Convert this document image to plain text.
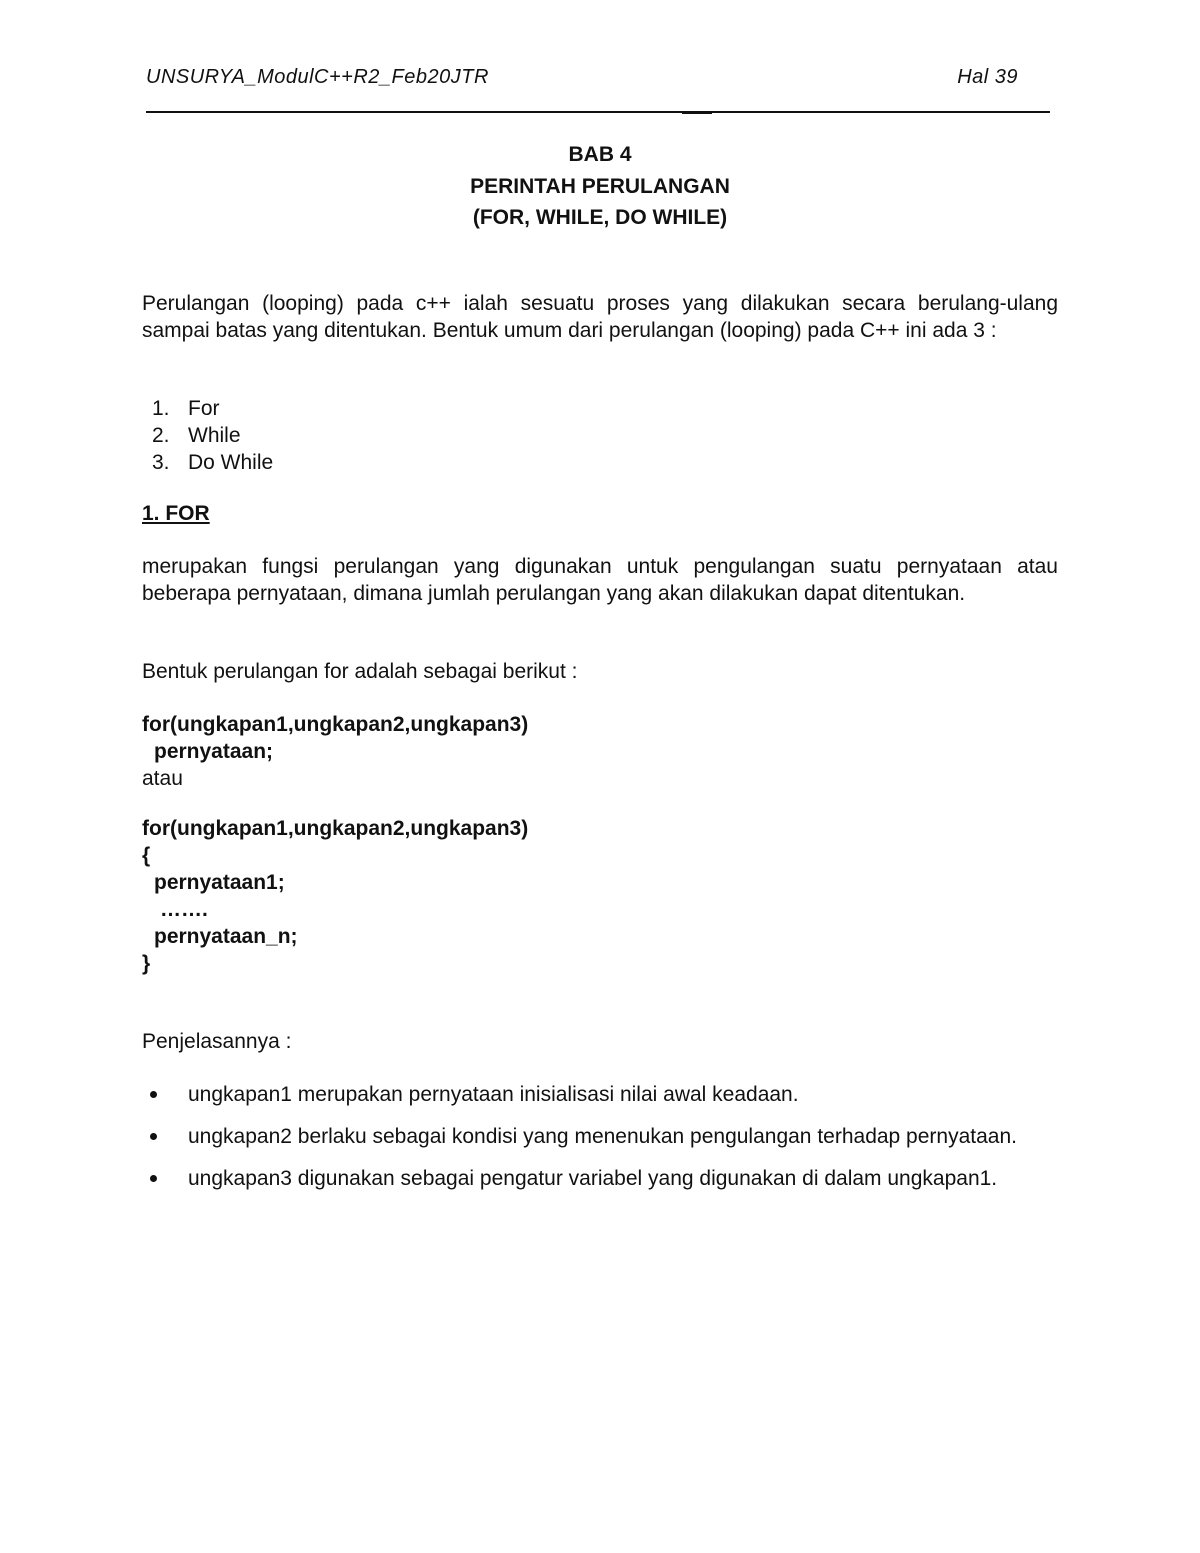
UNSURYA_ModulC++R2_Feb20JTR	Hal 39
BAB 4
PERINTAH PERULANGAN
(FOR, WHILE, DO WHILE)
Perulangan (looping) pada c++ ialah sesuatu proses yang dilakukan secara berulang-ulang sampai batas yang ditentukan. Bentuk umum dari perulangan (looping) pada C++ ini ada 3 :
1. For
2. While
3. Do While
1. FOR
merupakan fungsi perulangan yang digunakan untuk pengulangan suatu pernyataan atau beberapa pernyataan, dimana jumlah perulangan yang akan dilakukan dapat ditentukan.
Bentuk perulangan for adalah sebagai berikut :
for(ungkapan1,ungkapan2,ungkapan3)
pernyataan;
atau
for(ungkapan1,ungkapan2,ungkapan3)
{
pernyataan1;
…….
pernyataan_n;
}
Penjelasannya :
ungkapan1 merupakan pernyataan inisialisasi nilai awal keadaan.
ungkapan2 berlaku sebagai kondisi yang menenukan pengulangan terhadap pernyataan.
ungkapan3 digunakan sebagai pengatur variabel yang digunakan di dalam ungkapan1.
